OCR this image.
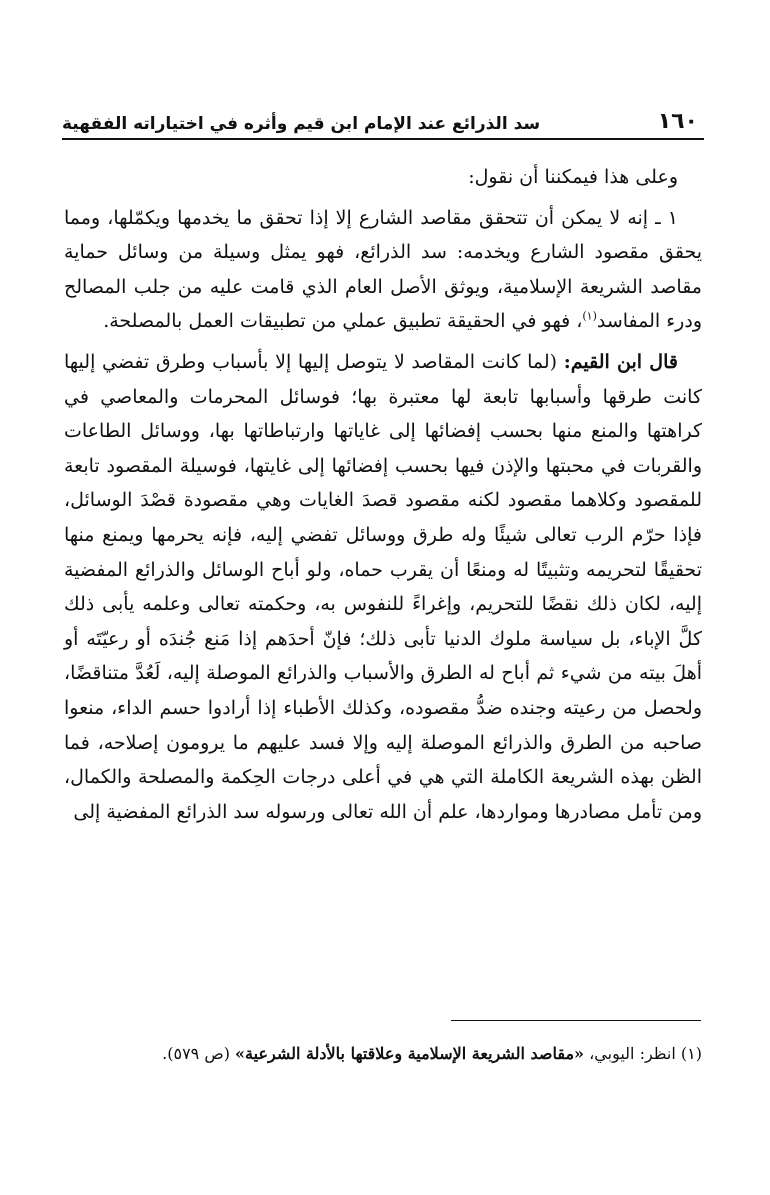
١٦٠
سد الذرائع عند الإمام ابن قيم وأثره في اختياراته الفقهية

وعلى هذا فيمكننا أن نقول:

١ ـ إنه لا يمكن أن تتحقق مقاصد الشارع إلا إذا تحقق ما يخدمها ويكمّلها، ومما يحقق مقصود الشارع ويخدمه: سد الذرائع، فهو يمثل وسيلة من وسائل حماية مقاصد الشريعة الإسلامية، ويوثق الأصل العام الذي قامت عليه من جلب المصالح ودرء المفاسد$^{(١)}$، فهو في الحقيقة تطبيق عملي من تطبيقات العمل بالمصلحة.

قال ابن القيم: (لما كانت المقاصد لا يتوصل إليها إلا بأسباب وطرق تفضي إليها كانت طرقها وأسبابها تابعة لها معتبرة بها؛ فوسائل المحرمات والمعاصي في كراهتها والمنع منها بحسب إفضائها إلى غاياتها وارتباطاتها بها، ووسائل الطاعات والقربات في محبتها والإذن فيها بحسب إفضائها إلى غايتها، فوسيلة المقصود تابعة للمقصود وكلاهما مقصود لكنه مقصود قصدَ الغايات وهي مقصودة قصْدَ الوسائل، فإذا حرّم الرب تعالى شيئًا وله طرق ووسائل تفضي إليه، فإنه يحرمها ويمنع منها تحقيقًا لتحريمه وتثبيتًا له ومنعًا أن يقرب حماه، ولو أباح الوسائل والذرائع المفضية إليه، لكان ذلك نقضًا للتحريم، وإغراءً للنفوس به، وحكمته تعالى وعلمه يأبى ذلك كلَّ الإباء، بل سياسة ملوك الدنيا تأبى ذلك؛ فإنّ أحدَهم إذا مَنع جُندَه أو رعيّتَه أو أهلَ بيته من شيء ثم أباح له الطرق والأسباب والذرائع الموصلة إليه، لَعُدَّ متناقضًا، ولحصل من رعيته وجنده ضدُّ مقصوده، وكذلك الأطباء إذا أرادوا حسم الداء، منعوا صاحبه من الطرق والذرائع الموصلة إليه وإلا فسد عليهم ما يرومون إصلاحه، فما الظن بهذه الشريعة الكاملة التي هي في أعلى درجات الحِكمة والمصلحة والكمال، ومن تأمل مصادرها ومواردها، علم أن الله تعالى ورسوله سد الذرائع المفضية إلى

(١) انظر: اليوبي، «مقاصد الشريعة الإسلامية وعلاقتها بالأدلة الشرعية» (ص ٥٧٩).
